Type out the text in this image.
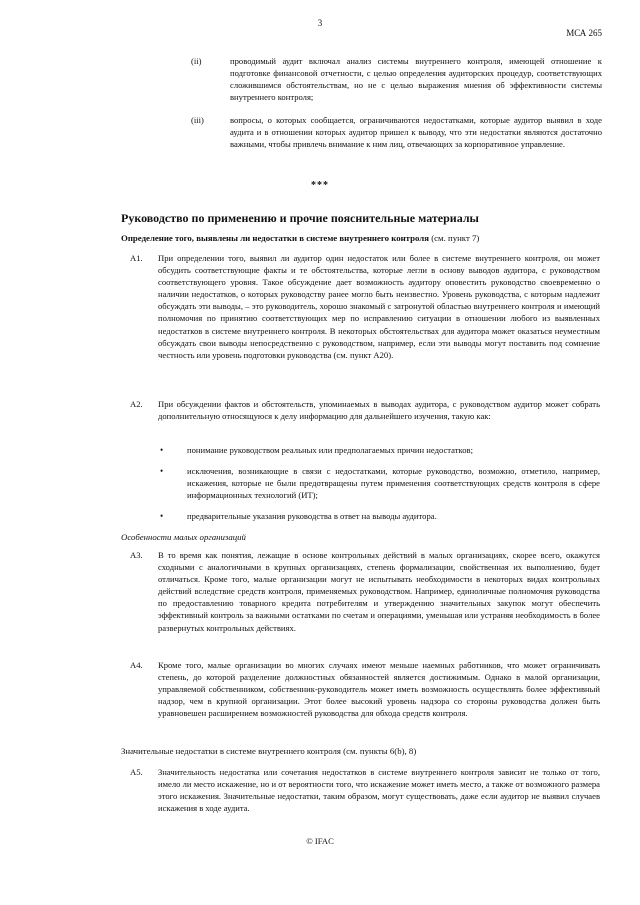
3
МСА 265
(ii)	проводимый аудит включал анализ системы внутреннего контроля, имеющей отношение к подготовке финансовой отчетности, с целью определения аудиторских процедур, соответствующих сложившимся обстоятельствам, но не с целью выражения мнения об эффективности системы внутреннего контроля;

(iii)	вопросы, о которых сообщается, ограничиваются недостатками, которые аудитор выявил в ходе аудита и в отношении которых аудитор пришел к выводу, что эти недостатки являются достаточно важными, чтобы привлечь внимание к ним лиц, отвечающих за корпоративное управление.

***
Руководство по применению и прочие пояснительные материалы

Определение того, выявлены ли недостатки в системе внутреннего контроля (см. пункт 7)

A1. При определении того, выявил ли аудитор один недостаток или более в системе внутреннего контроля, он может обсудить соответствующие факты и те обстоятельства, которые легли в основу выводов аудитора, с руководством соответствующего уровня. Такое обсуждение дает возможность аудитору оповестить руководство своевременно о наличии недостатков, о которых руководству ранее могло быть неизвестно. Уровень руководства, с которым надлежит обсуждать эти выводы, – это руководитель, хорошо знакомый с затронутой областью внутреннего контроля и имеющий полномочия по принятию соответствующих мер по исправлению ситуации в отношении любого из выявленных недостатков в системе внутреннего контроля. В некоторых обстоятельствах для аудитора может оказаться неуместным обсуждать свои выводы непосредственно с руководством, например, если эти выводы могут поставить под сомнение честность или уровень подготовки руководства (см. пункт A20).

A2. При обсуждении фактов и обстоятельств, упоминаемых в выводах аудитора, с руководством аудитор может собрать дополнительную относящуюся к делу информацию для дальнейшего изучения, такую как:

•	понимание руководством реальных или предполагаемых причин недостатков;

•	исключения, возникающие в связи с недостатками, которые руководство, возможно, отметило, например, искажения, которые не были предотвращены путем применения соответствующих средств контроля в сфере информационных технологий (ИТ);

•	предварительные указания руководства в ответ на выводы аудитора.

Особенности малых организаций

A3. В то время как понятия, лежащие в основе контрольных действий в малых организациях, скорее всего, окажутся сходными с аналогичными в крупных организациях, степень формализации, свойственная их выполнению, будет отличаться. Кроме того, малые организации могут не испытывать необходимости в некоторых видах контрольных действий вследствие средств контроля, применяемых руководством. Например, единоличные полномочия руководства по предоставлению товарного кредита потребителям и утверждению значительных закупок могут обеспечить эффективный контроль за важными остатками по счетам и операциями, уменьшая или устраняя необходимость в более развернутых контрольных действиях.

A4. Кроме того, малые организации во многих случаях имеют меньше наемных работников, что может ограничивать степень, до которой разделение должностных обязанностей является достижимым. Однако в малой организации, управляемой собственником, собственник-руководитель может иметь возможность осуществлять более эффективный надзор, чем в крупной организации. Этот более высокий уровень надзора со стороны руководства должен быть уравновешен расширением возможностей руководства для обхода средств контроля.

Значительные недостатки в системе внутреннего контроля (см. пункты 6(b), 8)

A5. Значительность недостатка или сочетания недостатков в системе внутреннего контроля зависит не только от того, имело ли место искажение, но и от вероятности того, что искажение может иметь место, а также от возможного размера этого искажения. Значительные недостатки, таким образом, могут существовать, даже если аудитор не выявил случаев искажения в ходе аудита.

© IFAC
